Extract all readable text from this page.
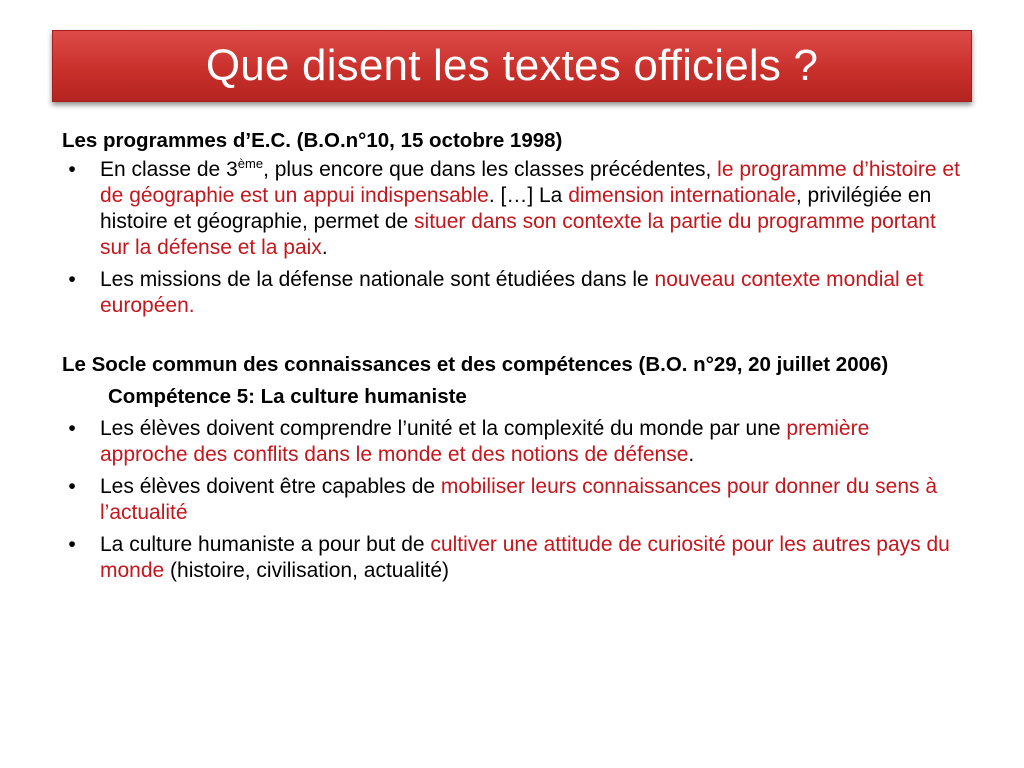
Que disent les textes officiels ?
Les programmes d’E.C. (B.O.n°10, 15 octobre 1998)
•	En classe de 3ème, plus encore que dans les classes précédentes, le programme d’histoire et de géographie est un appui indispensable. […] La dimension internationale, privilégiée en histoire et géographie, permet de situer dans son contexte la partie du programme portant sur la défense et la paix.
•	Les missions de la défense nationale sont étudiées dans le nouveau contexte mondial et européen.
Le Socle commun des connaissances et des compétences (B.O. n°29, 20 juillet 2006)
Compétence 5: La culture humaniste
•	Les élèves doivent comprendre l’unité et la complexité du monde par une première approche des conflits dans le monde et des notions de défense.
•	Les élèves doivent être capables de mobiliser leurs connaissances pour donner du sens à l’actualité
•	La culture humaniste a pour but de cultiver une attitude de curiosité pour les autres pays du monde (histoire, civilisation, actualité)
